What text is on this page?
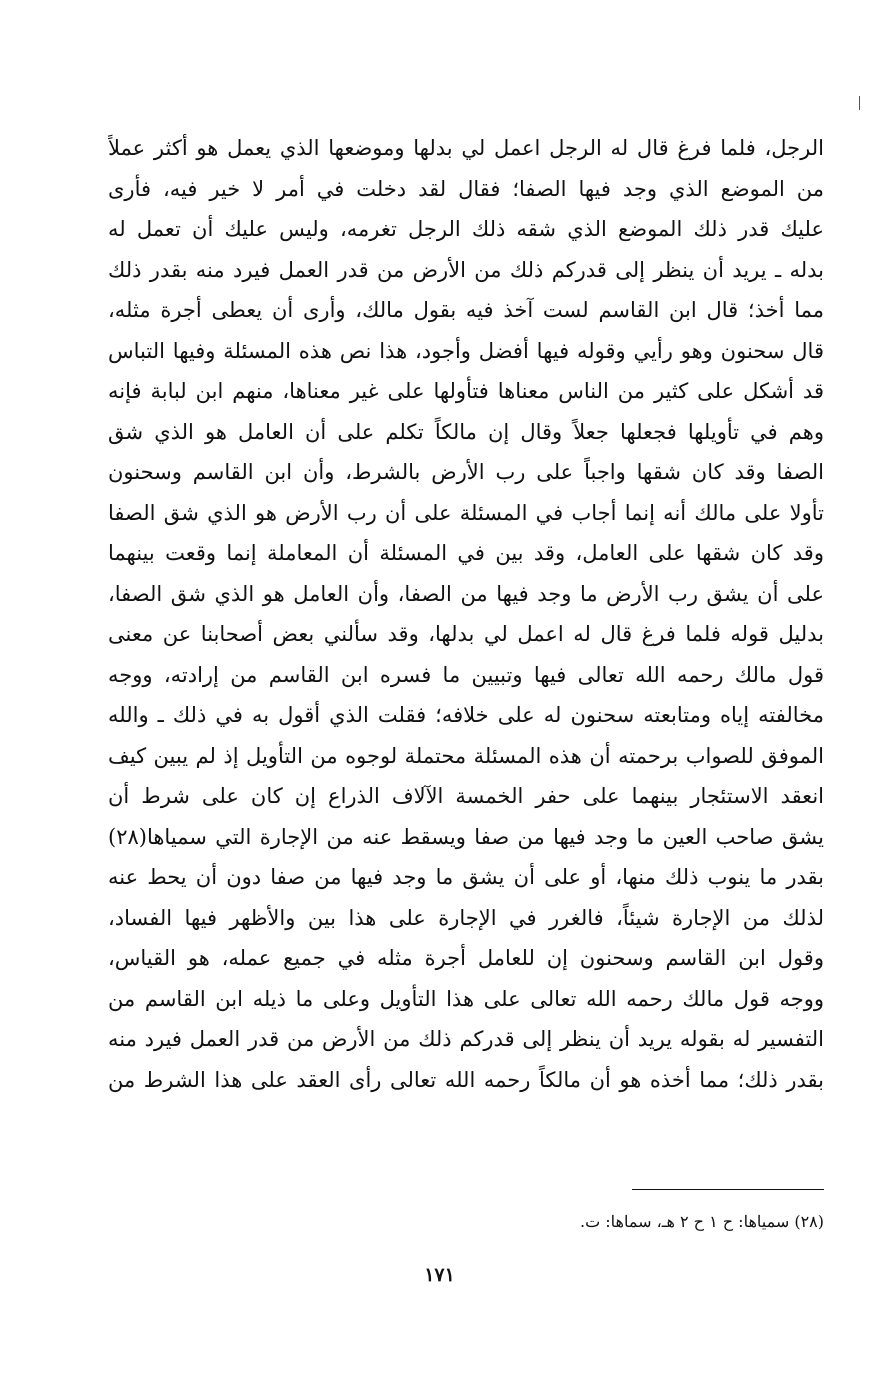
الرجل، فلما فرغ قال له الرجل اعمل لي بدلها وموضعها الذي يعمل هو أكثر عملاً
من الموضع الذي وجد فيها الصفا؛ فقال لقد دخلت في أمر لا خير فيه، فأرى
عليك قدر ذلك الموضع الذي شقه ذلك الرجل تغرمه، وليس عليك أن تعمل له
بدله ـ يريد أن ينظر إلى قدركم ذلك من الأرض من قدر العمل فيرد منه بقدر ذلك
مما أخذ؛ قال ابن القاسم لست آخذ فيه بقول مالك، وأرى أن يعطى أجرة مثله،
قال سحنون وهو رأيي وقوله فيها أفضل وأجود، هذا نص هذه المسئلة وفيها التباس
قد أشكل على كثير من الناس معناها فتأولها على غير معناها، منهم ابن لبابة فإنه
وهم في تأويلها فجعلها جعلاً وقال إن مالكاً تكلم على أن العامل هو الذي شق
الصفا وقد كان شقها واجباً على رب الأرض بالشرط، وأن ابن القاسم وسحنون
تأولا على مالك أنه إنما أجاب في المسئلة على أن رب الأرض هو الذي شق الصفا
وقد كان شقها على العامل، وقد بين في المسئلة أن المعاملة إنما وقعت بينهما
على أن يشق رب الأرض ما وجد فيها من الصفا، وأن العامل هو الذي شق الصفا،
بدليل قوله فلما فرغ قال له اعمل لي بدلها، وقد سألني بعض أصحابنا عن معنى
قول مالك رحمه الله تعالى فيها وتبيين ما فسره ابن القاسم من إرادته، ووجه
مخالفته إياه ومتابعته سحنون له على خلافه؛ فقلت الذي أقول به في ذلك ـ والله
الموفق للصواب برحمته أن هذه المسئلة محتملة لوجوه من التأويل إذ لم يبين كيف
انعقد الاستئجار بينهما على حفر الخمسة الآلاف الذراع إن كان على شرط أن
يشق صاحب العين ما وجد فيها من صفا ويسقط عنه من الإجارة التي سمياها(٢٨)
بقدر ما ينوب ذلك منها، أو على أن يشق ما وجد فيها من صفا دون أن يحط عنه
لذلك من الإجارة شيئاً، فالغرر في الإجارة على هذا بين والأظهر فيها الفساد،
وقول ابن القاسم وسحنون إن للعامل أجرة مثله في جميع عمله، هو القياس،
ووجه قول مالك رحمه الله تعالى على هذا التأويل وعلى ما ذيله ابن القاسم من
التفسير له بقوله يريد أن ينظر إلى قدركم ذلك من الأرض من قدر العمل فيرد منه
بقدر ذلك؛ مما أخذه هو أن مالكاً رحمه الله تعالى رأى العقد على هذا الشرط من
(٢٨) سمياها: ح ١ ح ٢ هـ، سماها: ت.
١٧١
